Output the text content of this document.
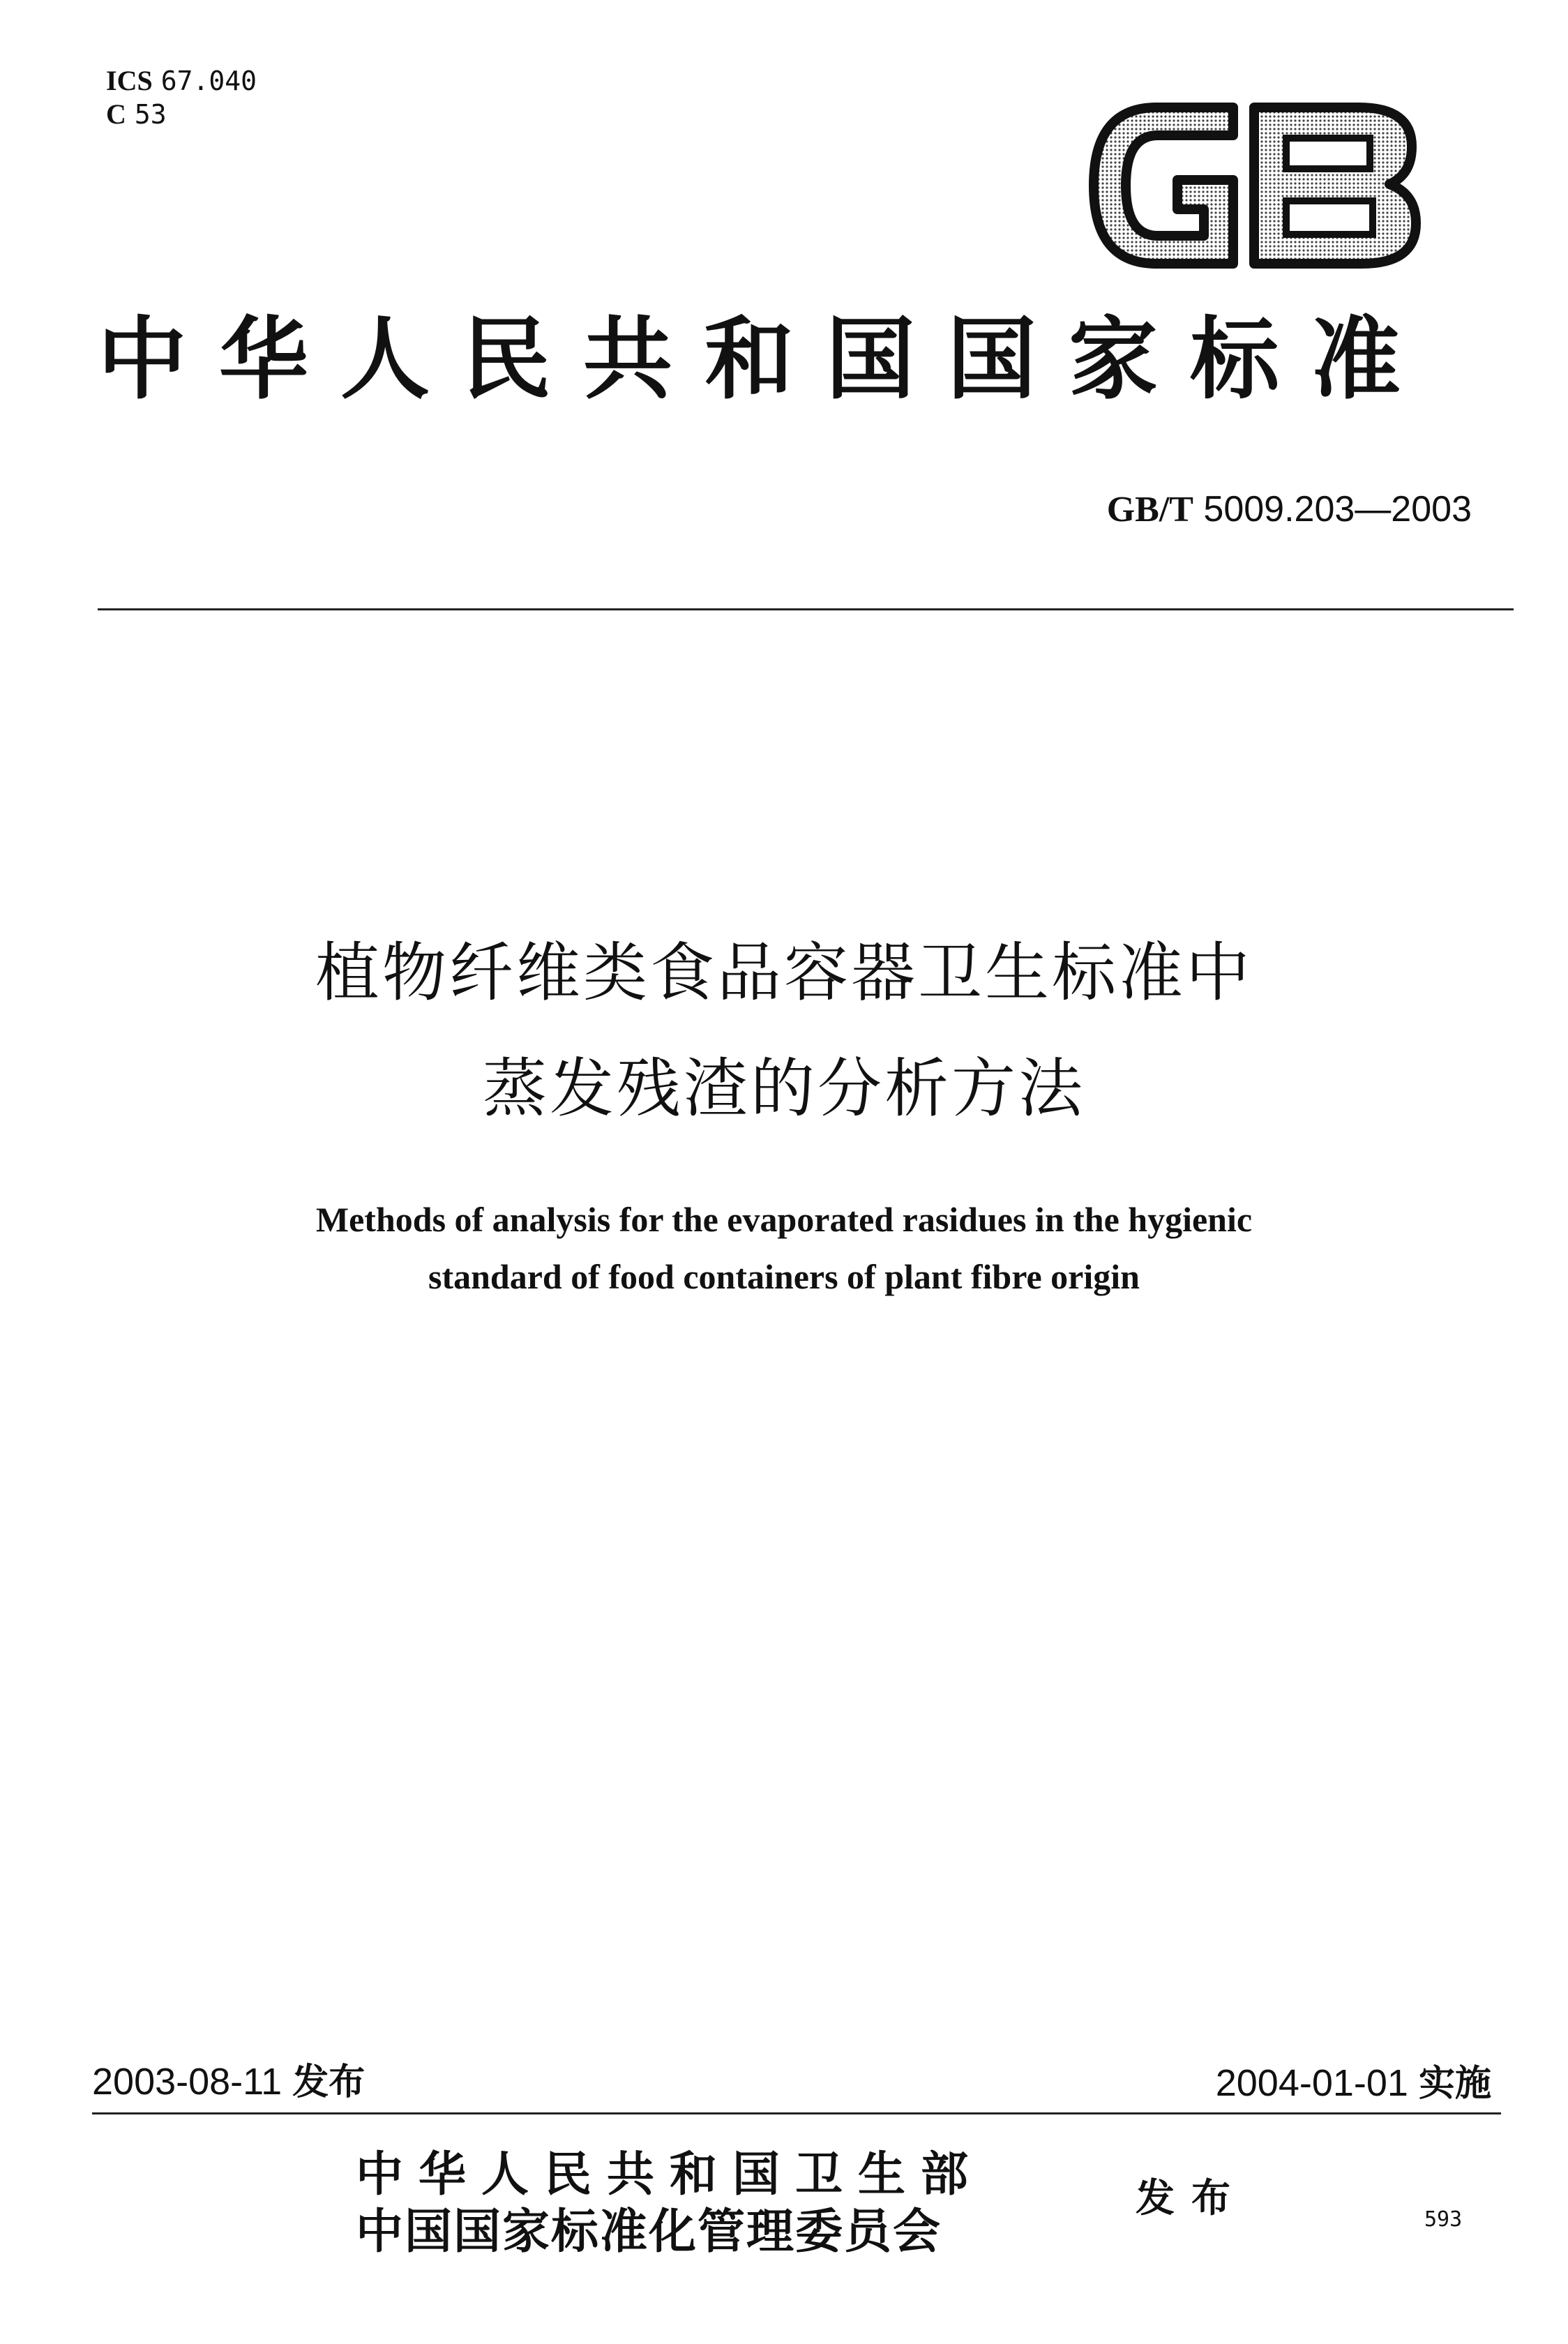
ICS 67.040
C 53
中华人民共和国国家标准
GB/T 5009.203—2003
植物纤维类食品容器卫生标准中
蒸发残渣的分析方法
Methods of analysis for the evaporated rasidues in the hygienic
standard of food containers of plant fibre origin
2003-08-11 发布	2004-01-01 实施
中华人民共和国卫生部
中国国家标准化管理委员会
发布	593
